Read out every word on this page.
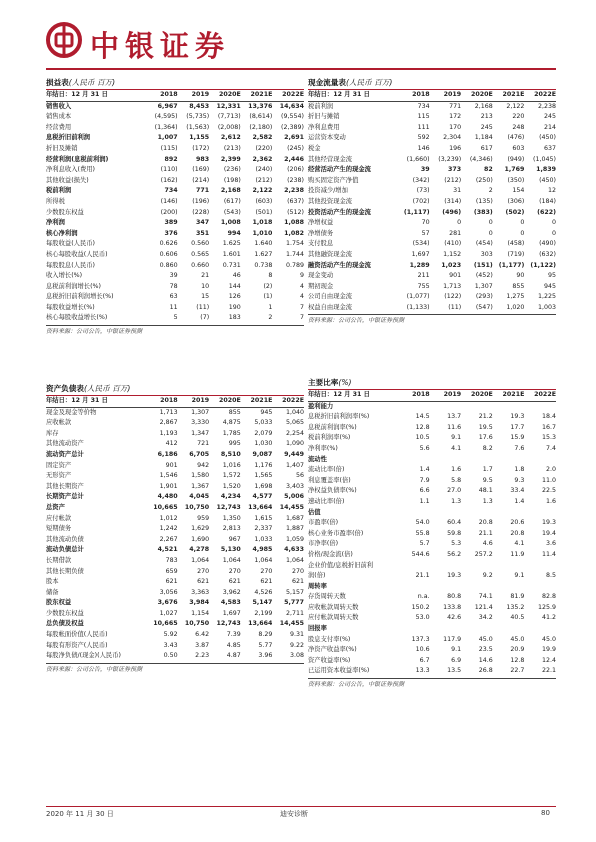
中银证券
损益表(人民币 百万)
年结日：12 月 31 日	2018	2019	2020E	2021E	2022E
销售收入	6,967	8,453	12,331	13,376	14,634
销售成本	(4,595)	(5,735)	(7,713)	(8,614)	(9,554)
经营费用	(1,364)	(1,563)	(2,008)	(2,180)	(2,389)
息税折旧前利润	1,007	1,155	2,612	2,582	2,691
折旧及摊销	(115)	(172)	(213)	(220)	(245)
经营利润(息税前利润)	892	983	2,399	2,362	2,446
净利息收入(费用)	(110)	(169)	(236)	(240)	(206)
其他收益(损失)	(162)	(214)	(198)	(212)	(238)
税前利润	734	771	2,168	2,122	2,238
所得税	(146)	(196)	(617)	(603)	(637)
少数股东权益	(200)	(228)	(543)	(501)	(512)
净利润	389	347	1,008	1,018	1,088
核心净利润	376	351	994	1,010	1,082
每股收益(人民币)	0.626	0.560	1.625	1.640	1.754
核心每股收益(人民币)	0.606	0.565	1.601	1.627	1.744
每股股息(人民币)	0.860	0.660	0.731	0.738	0.789
收入增长(%)	39	21	46	8	9
息税前利润增长(%)	78	10	144	(2)	4
息税折旧前利润增长(%)	63	15	126	(1)	4
每股收益增长(%)	11	(11)	190	1	7
核心每股收益增长(%)	5	(7)	183	2	7
资料来源：公司公告，中银证券预测
资产负债表(人民币 百万)
年结日：12 月 31 日	2018	2019	2020E	2021E	2022E
现金及现金等价物	1,713	1,307	855	945	1,040
应收帐款	2,867	3,330	4,875	5,033	5,065
库存	1,193	1,347	1,785	2,079	2,254
其他流动资产	412	721	995	1,030	1,090
流动资产总计	6,186	6,705	8,510	9,087	9,449
固定资产	901	942	1,016	1,176	1,407
无形资产	1,546	1,580	1,572	1,565	56
其他长期资产	1,901	1,367	1,520	1,698	3,403
长期资产总计	4,480	4,045	4,234	4,577	5,006
总资产	10,665	10,750	12,743	13,664	14,455
应付帐款	1,012	959	1,350	1,615	1,687
短期债务	1,242	1,629	2,813	2,337	1,887
其他流动负债	2,267	1,690	967	1,033	1,059
流动负债总计	4,521	4,278	5,130	4,985	4,633
长期借款	783	1,064	1,064	1,064	1,064
其他长期负债	659	270	270	270	270
股本	621	621	621	621	621
储备	3,056	3,363	3,962	4,526	5,157
股东权益	3,676	3,984	4,583	5,147	5,777
少数股东权益	1,027	1,154	1,697	2,199	2,711
总负债及权益	10,665	10,750	12,743	13,664	14,455
每股帐面价值(人民币)	5.92	6.42	7.39	8.29	9.31
每股有形资产(人民币)	3.43	3.87	4.85	5.77	9.22
每股净负债/(现金)(人民币)	0.50	2.23	4.87	3.96	3.08
资料来源：公司公告，中银证券预测
现金流量表(人民币 百万)
年结日：12 月 31 日	2018	2019	2020E	2021E	2022E
税前利润	734	771	2,168	2,122	2,238
折旧与摊销	115	172	213	220	245
净利息费用	111	170	245	248	214
运营资本变动	592	2,304	1,184	(476)	(450)
税金	146	196	617	603	637
其他经营现金流	(1,660)	(3,239)	(4,346)	(949)	(1,045)
经营活动产生的现金流	39	373	82	1,769	1,839
购买固定资产净值	(342)	(212)	(250)	(350)	(450)
投资减少/增加	(73)	31	2	154	12
其他投资现金流	(702)	(314)	(135)	(306)	(184)
投资活动产生的现金流	(1,117)	(496)	(383)	(502)	(622)
净增权益	70	0	0	0	0
净增债务	57	281	0	0	0
支付股息	(534)	(410)	(454)	(458)	(490)
其他融资现金流	1,697	1,152	303	(719)	(632)
融资活动产生的现金流	1,289	1,023	(151)	(1,177)	(1,122)
现金变动	211	901	(452)	90	95
期初现金	755	1,713	1,307	855	945
公司自由现金流	(1,077)	(122)	(293)	1,275	1,225
权益自由现金流	(1,133)	(11)	(547)	1,020	1,003
资料来源：公司公告，中银证券预测
主要比率(%)
年结日：12 月 31 日	2018	2019	2020E	2021E	2022E
盈利能力					
息税折旧前利润率(%)	14.5	13.7	21.2	19.3	18.4
息税前利润率(%)	12.8	11.6	19.5	17.7	16.7
税前利润率(%)	10.5	9.1	17.6	15.9	15.3
净利率(%)	5.6	4.1	8.2	7.6	7.4
流动性					
流动比率(倍)	1.4	1.6	1.7	1.8	2.0
利息覆盖率(倍)	7.9	5.8	9.5	9.3	11.0
净权益负债率(%)	6.6	27.0	48.1	33.4	22.5
速动比率(倍)	1.1	1.3	1.3	1.4	1.6
估值					
市盈率(倍)	54.0	60.4	20.8	20.6	19.3
核心业务市盈率(倍)	55.8	59.8	21.1	20.8	19.4
市净率(倍)	5.7	5.3	4.6	4.1	3.6
价格/现金流(倍)	544.6	56.2	257.2	11.9	11.4
企业价值/息税折旧前利					
润(倍)	21.1	19.3	9.2	9.1	8.5
周转率					
存货周转天数	n.a.	80.8	74.1	81.9	82.8
应收帐款周转天数	150.2	133.8	121.4	135.2	125.9
应付帐款周转天数	53.0	42.6	34.2	40.5	41.2
回报率					
股息支付率(%)	137.3	117.9	45.0	45.0	45.0
净资产收益率(%)	10.6	9.1	23.5	20.9	19.9
资产收益率(%)	6.7	6.9	14.6	12.8	12.4
已运用资本收益率(%)	13.3	13.5	26.8	22.7	22.1
资料来源：公司公告，中银证券预测
2020 年 11 月 30 日	迪安诊断	80
